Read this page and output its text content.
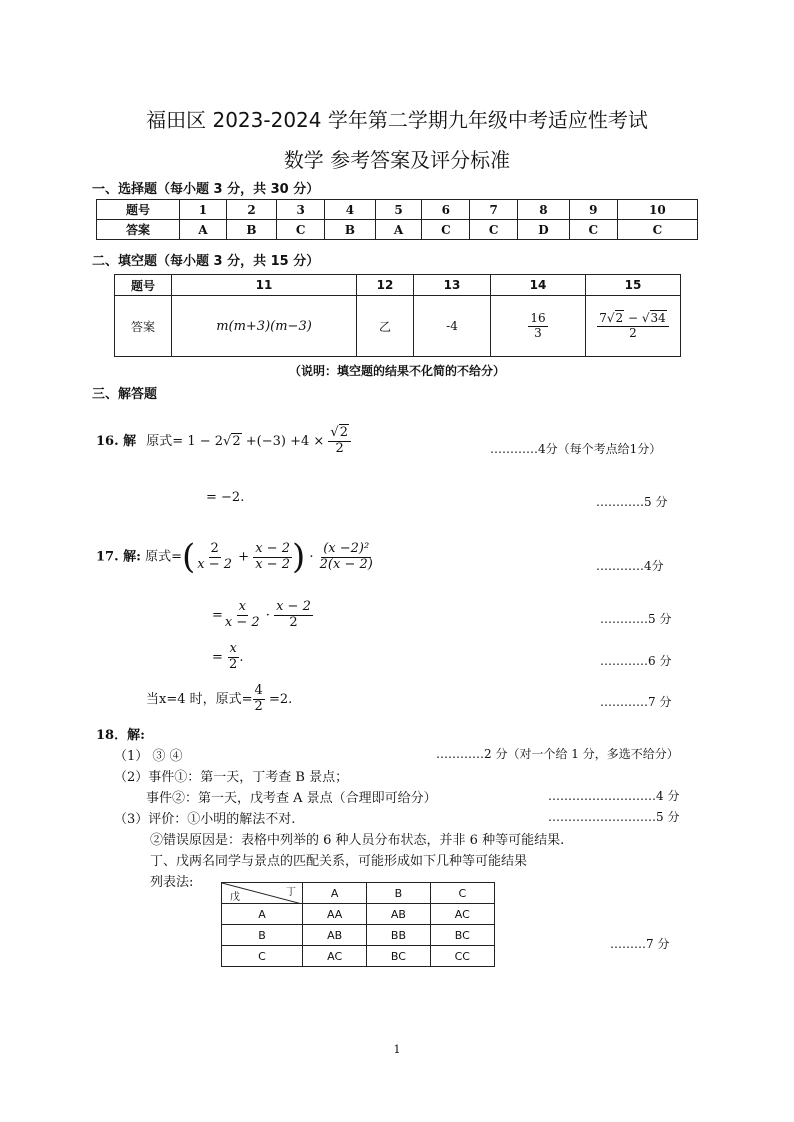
福田区 2023-2024 学年第二学期九年级中考适应性考试
数学 参考答案及评分标准
一、选择题（每小题 3 分，共 30 分）
题号	1	2	3	4	5	6	7	8	9	10
答案	A	B	C	B	A	C	C	D	C	C
二、填空题（每小题 3 分，共 15 分）
题号	11	12	13	14	15
答案	m(m+3)(m−3)	乙	-4	$\frac{16}{3}$	$\frac{7√2 - √34}{2}$
（说明：填空题的结果不化简的不给分）
三、解答题
16. 解 原式= $1 - 2√2 +(-3) +4 \times \frac{√2}{2}$	…………4分（每个考点给1分）
= −2.	…………5 分
17. 解: 原式=( $\frac{2}{x - 2} + \frac{x - 2}{x - 2}$ ) · $\frac{\text{(x −2)²}}{2(x - 2)}$	…………4分
= $\frac{x}{x - 2} \cdot \frac{x - 2}{2}$	…………5 分
= $\frac{x}{2}$ .	…………6 分
当x=4 时，原式= $\frac{4}{2} =2$.	…………7 分
18．解:
（1） ③ ④	…………2 分（对一个给 1 分，多选不给分）
（2）事件①：第一天，丁考查 B 景点；
事件②：第一天，戊考查 A 景点（合理即可给分）	………………………4 分
（3）评价：①小明的解法不对.	………………………5 分
②错误原因是：表格中列举的 6 种人员分布状态，并非 6 种等可能结果.
丁、戊两名同学与景点的匹配关系，可能形成如下几种等可能结果
列表法:
丁
戊	A	B	C
A	AA	AB	AC
B	AB	BB	BC
C	AC	BC	CC
………7 分
1
